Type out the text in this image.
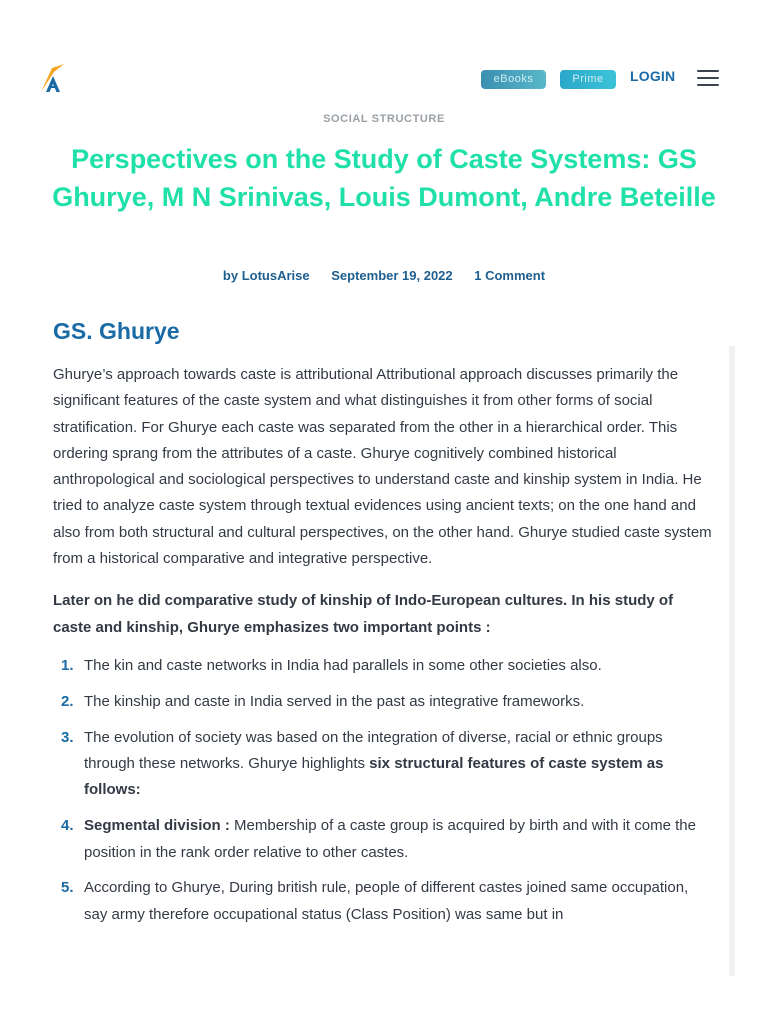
eBooks	Prime	LOGIN
SOCIAL STRUCTURE
Perspectives on the Study of Caste Systems: GS Ghurye, M N Srinivas, Louis Dumont, Andre Beteille
by LotusArise September 19, 2022 1 Comment
GS. Ghurye

Ghurye’s approach towards caste is attributional Attributional approach discusses primarily the significant features of the caste system and what distinguishes it from other forms of social stratification. For Ghurye each caste was separated from the other in a hierarchical order. This ordering sprang from the attributes of a caste. Ghurye cognitively combined historical anthropological and sociological perspectives to understand caste and kinship system in India. He tried to analyze caste system through textual evidences using ancient texts; on the one hand and also from both structural and cultural perspectives, on the other hand. Ghurye studied caste system from a historical comparative and integrative perspective.

Later on he did comparative study of kinship of Indo-European cultures. In his study of caste and kinship, Ghurye emphasizes two important points :

1. The kin and caste networks in India had parallels in some other societies also.
2. The kinship and caste in India served in the past as integrative frameworks.
3. The evolution of society was based on the integration of diverse, racial or ethnic groups through these networks. Ghurye highlights six structural features of caste system as follows:
4. Segmental division : Membership of a caste group is acquired by birth and with it come the position in the rank order relative to other castes.
5. According to Ghurye, During british rule, people of different castes joined same occupation, say army therefore occupational status (Class Position) was same but in
